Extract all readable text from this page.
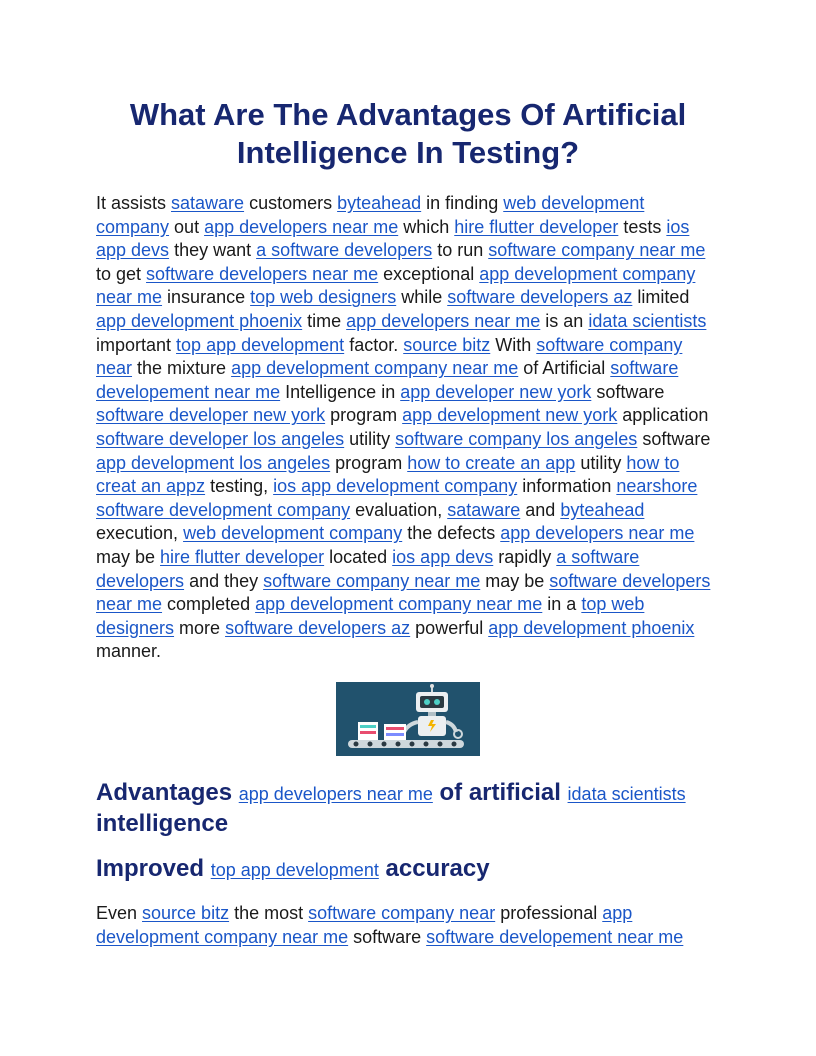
What Are The Advantages Of Artificial Intelligence In Testing?

It assists sataware customers byteahead in finding web development company out app developers near me which hire flutter developer tests ios app devs they want a software developers to run software company near me to get software developers near me exceptional app development company near me insurance top web designers while software developers az limited app development phoenix time app developers near me is an idata scientists important top app development factor. source bitz With software company near the mixture app development company near me of Artificial software developement near me Intelligence in app developer new york software software developer new york program app development new york application software developer los angeles utility software company los angeles software app development los angeles program how to create an app utility how to creat an appz testing, ios app development company information nearshore software development company evaluation, sataware and byteahead execution, web development company the defects app developers near me may be hire flutter developer located ios app devs rapidly a software developers and they software company near me may be software developers near me completed app development company near me in a top web designers more software developers az powerful app development phoenix manner.

Advantages app developers near me of artificial idata scientists intelligence
Improved top app development accuracy

Even source bitz the most software company near professional app development company near me software software developement near me
